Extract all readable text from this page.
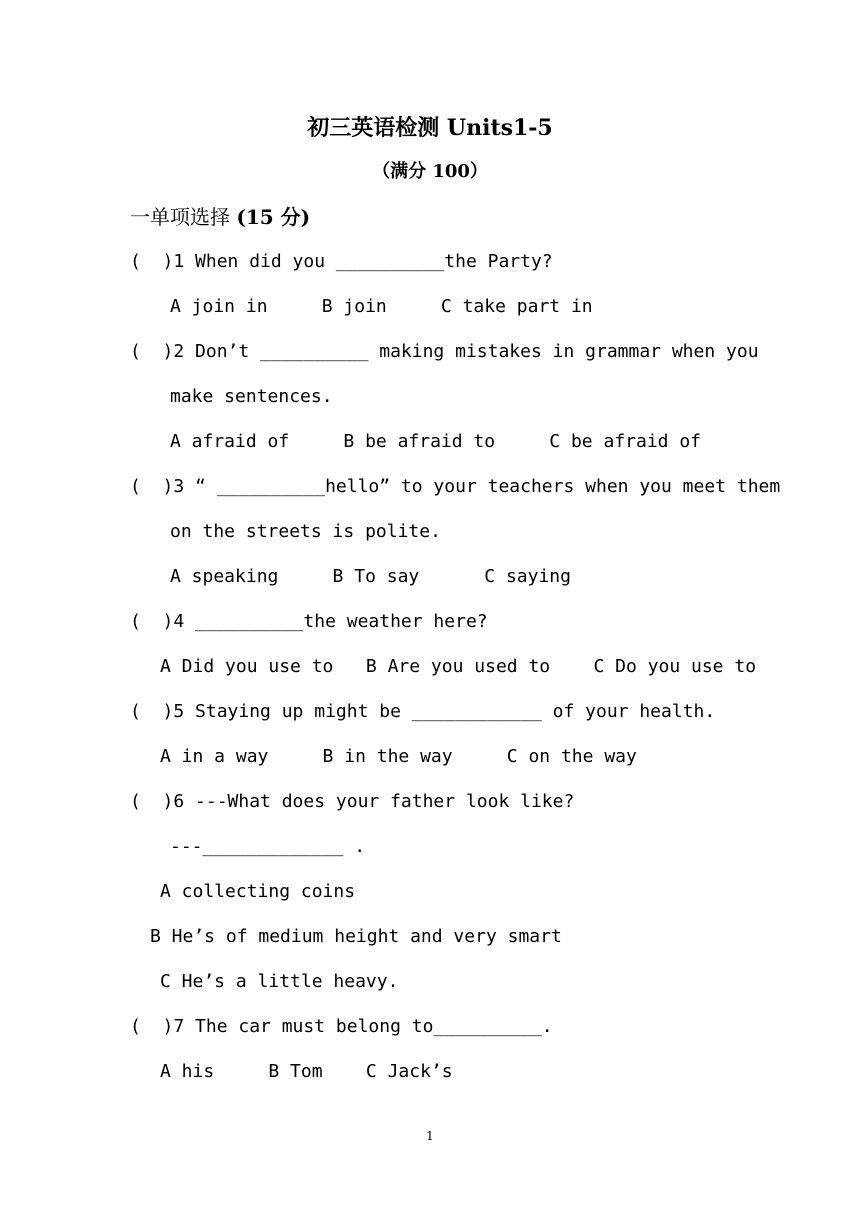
初三英语检测 Units1-5
（满分 100）
一单项选择 (15 分)
(  )1 When did you __________the Party?
A join in     B join     C take part in
(  )2 Don’t __________ making mistakes in grammar when you
make sentences.
A afraid of     B be afraid to     C be afraid of
(  )3 “ __________hello” to your teachers when you meet them
on the streets is polite.
A speaking     B To say      C saying
(  )4 __________the weather here?
A Did you use to   B Are you used to    C Do you use to
(  )5 Staying up might be ____________ of your health.
A in a way     B in the way     C on the way
(  )6 ---What does your father look like?
---_____________ .
A collecting coins
B He’s of medium height and very smart
C He’s a little heavy.
(  )7 The car must belong to__________.
A his     B Tom    C Jack’s
1
